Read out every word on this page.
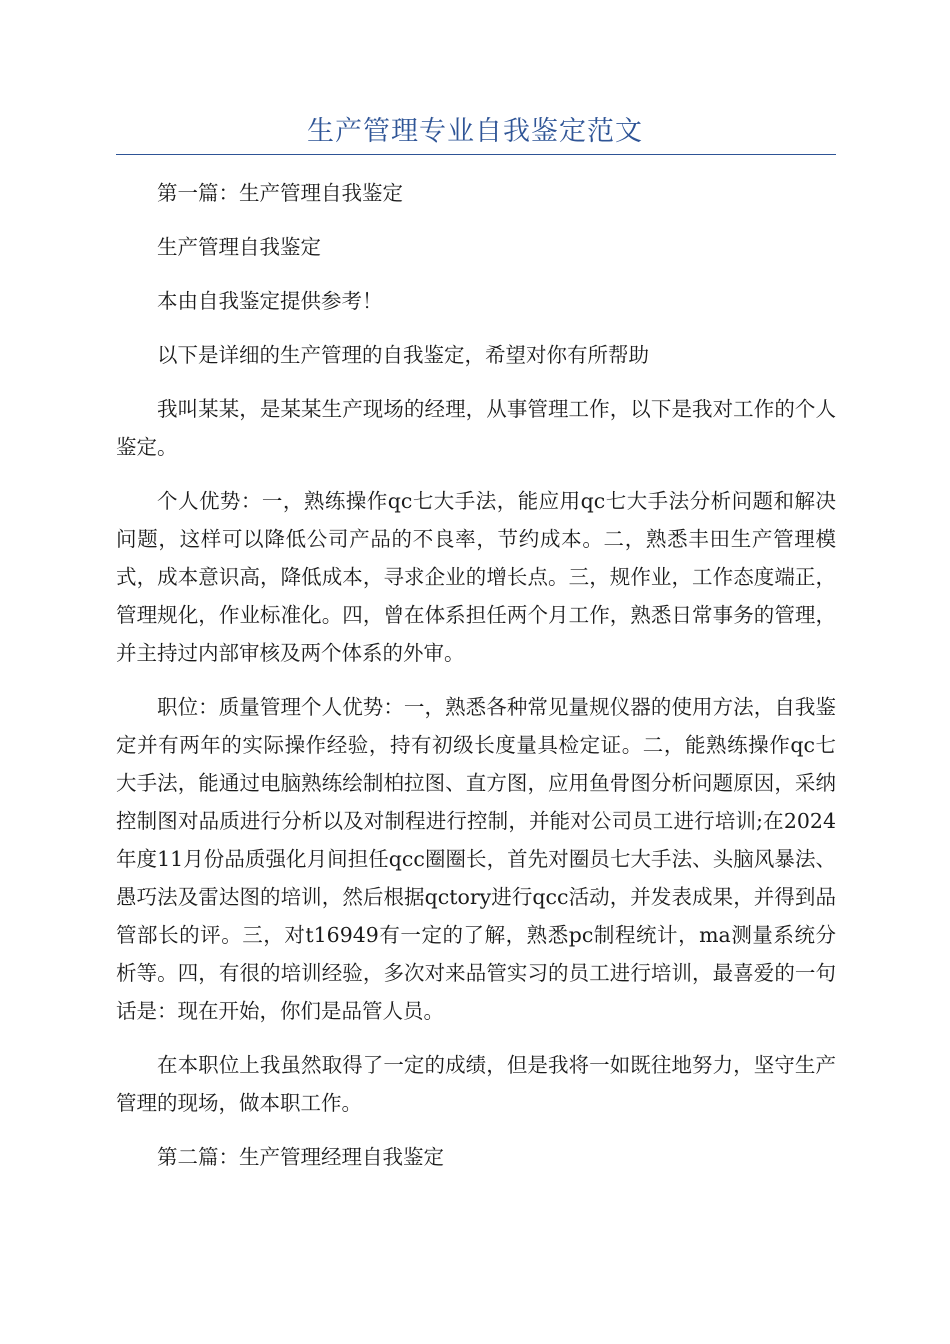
生产管理专业自我鉴定范文

第一篇：生产管理自我鉴定

生产管理自我鉴定

本由自我鉴定提供参考！

以下是详细的生产管理的自我鉴定，希望对你有所帮助

我叫某某，是某某生产现场的经理，从事管理工作，以下是我对工作的个人鉴定。

个人优势：一，熟练操作qc七大手法，能应用qc七大手法分析问题和解决问题，这样可以降低公司产品的不良率，节约成本。二，熟悉丰田生产管理模式，成本意识高，降低成本，寻求企业的增长点。三，规作业，工作态度端正，管理规化，作业标准化。四，曾在体系担任两个月工作，熟悉日常事务的管理，并主持过内部审核及两个体系的外审。

职位：质量管理个人优势：一，熟悉各种常见量规仪器的使用方法，自我鉴定并有两年的实际操作经验，持有初级长度量具检定证。二，能熟练操作qc七大手法，能通过电脑熟练绘制柏拉图、直方图，应用鱼骨图分析问题原因，采纳控制图对品质进行分析以及对制程进行控制，并能对公司员工进行培训;在2024年度11月份品质强化月间担任qcc圈圈长，首先对圈员七大手法、头脑风暴法、愚巧法及雷达图的培训，然后根据qctory进行qcc活动，并发表成果，并得到品管部长的评。三，对t16949有一定的了解，熟悉pc制程统计，ma测量系统分析等。四，有很的培训经验，多次对来品管实习的员工进行培训，最喜爱的一句话是：现在开始，你们是品管人员。

在本职位上我虽然取得了一定的成绩，但是我将一如既往地努力，坚守生产管理的现场，做本职工作。

第二篇：生产管理经理自我鉴定
